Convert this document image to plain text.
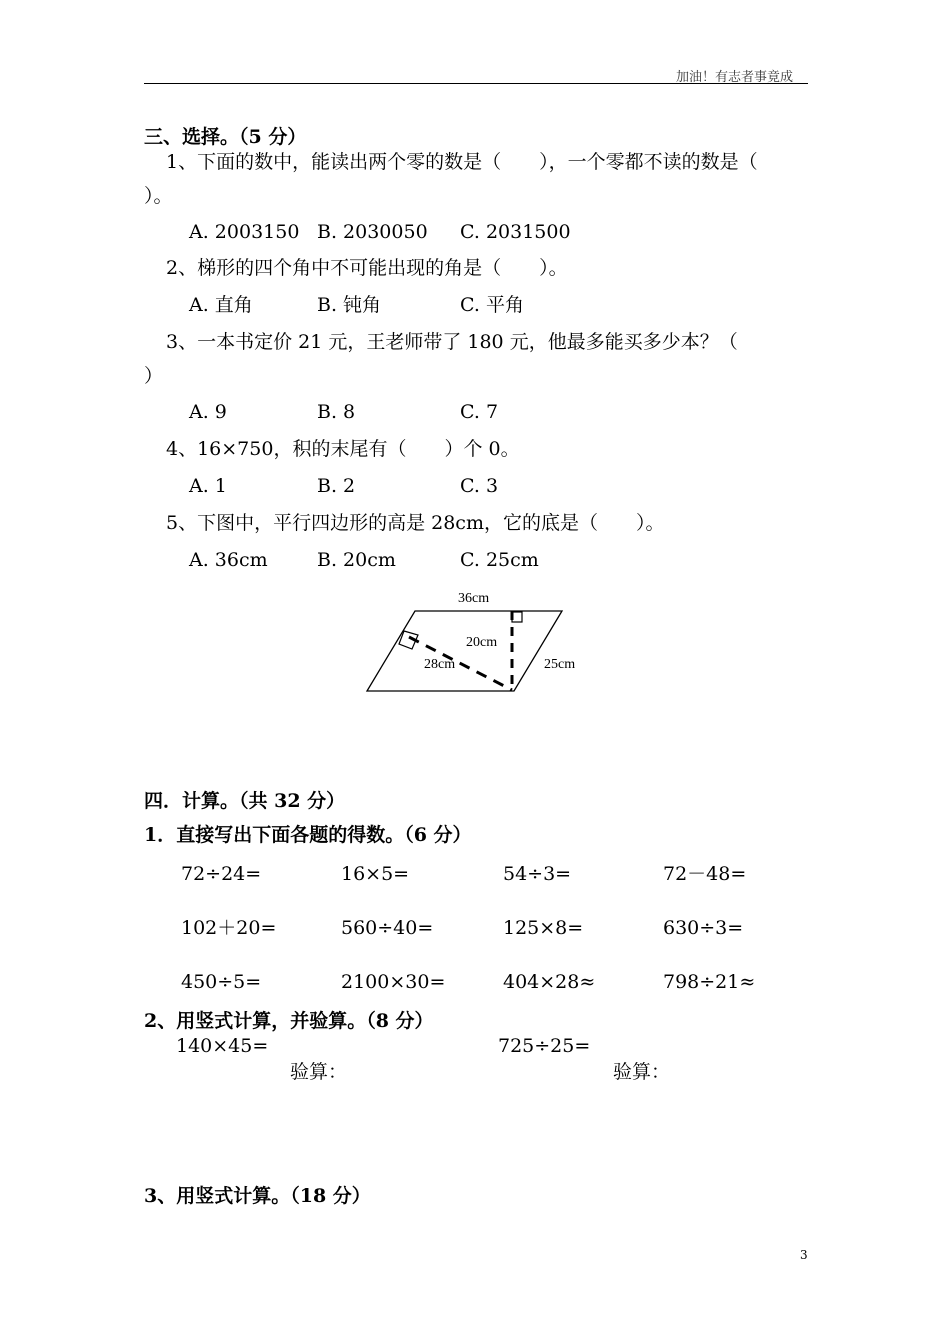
加油！有志者事竟成
三、选择。（5 分）
1、下面的数中，能读出两个零的数是（　　），一个零都不读的数是（
）。
A. 2003150 B. 2030050 C. 2031500
2、梯形的四个角中不可能出现的角是（　　）。
A. 直角	B. 钝角	C. 平角
3、一本书定价 21 元，王老师带了 180 元，他最多能买多少本？（
）
A. 9	B. 8	C. 7
4、16×750，积的末尾有（　　）个 0。
A. 1	B. 2	C. 3
5、下图中，平行四边形的高是 28cm，它的底是（　　）。
A. 36cm	B. 20cm	C. 25cm
36cm
20cm
28cm	25cm
四．计算。（共 32 分）
1．直接写出下面各题的得数。（6 分）
72÷24=	16×5=	54÷3=	72－48=
102＋20=	560÷40=	125×8=	630÷3=
450÷5=	2100×30=	404×28≈	798÷21≈
2、用竖式计算，并验算。（8 分）
140×45=	725÷25=
验算：	验算：
3、用竖式计算。（18 分）
3
